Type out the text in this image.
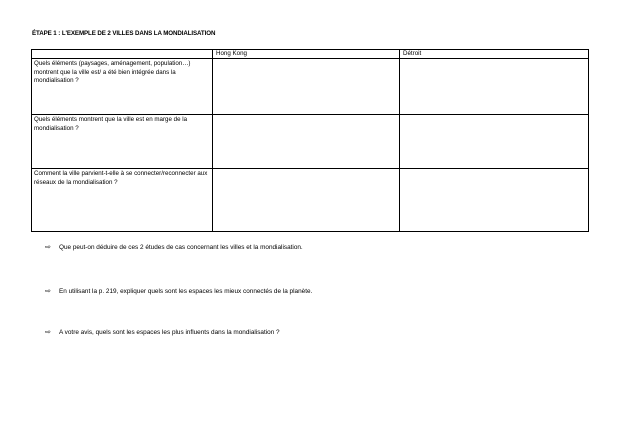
ÉTAPE 1 : L'EXEMPLE DE 2 VILLES DANS LA MONDIALISATION
	Hong Kong	Détroit
Quels éléments (paysages, aménagement, population…) montrent que la ville est/ a été bien intégrée dans la mondialisation ?		
Quels éléments montrent que la ville est en marge de la mondialisation ?		
Comment la ville parvient-t-elle à se connecter/reconnecter aux réseaux de la mondialisation ?		
⇨ Que peut-on déduire de ces 2 études de cas concernant les villes et la mondialisation.
⇨ En utilisant la p. 219, expliquer quels sont les espaces les mieux connectés de la planète.
⇨ A votre avis, quels sont les espaces les plus influents dans la mondialisation ?
